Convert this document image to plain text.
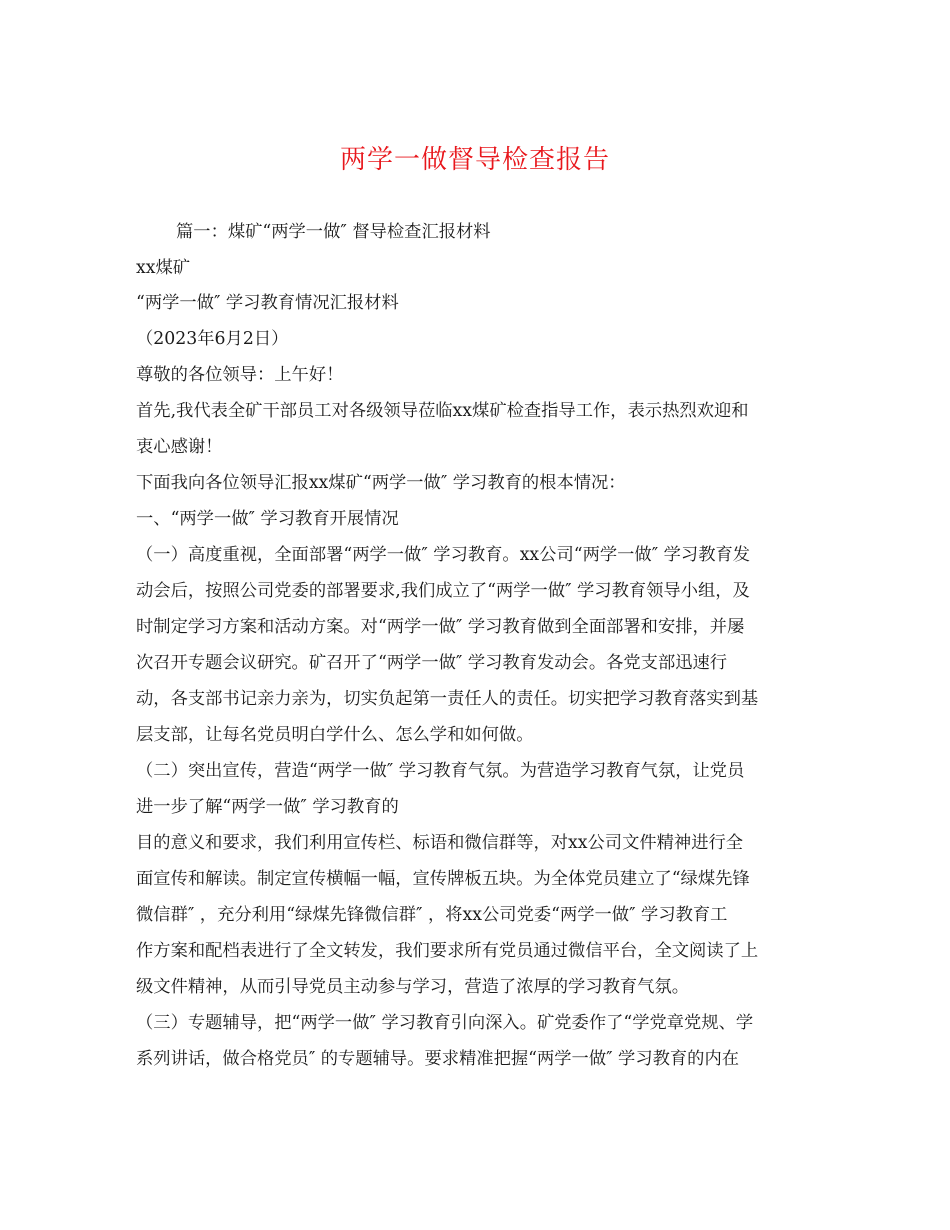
两学一做督导检查报告
篇一：煤矿“两学一做″ 督导检查汇报材料
xx煤矿
“两学一做″ 学习教育情况汇报材料
（2023年6月2日）
尊敬的各位领导：上午好！
首先,我代表全矿干部员工对各级领导莅临xx煤矿检查指导工作，表示热烈欢迎和
衷心感谢！
下面我向各位领导汇报xx煤矿“两学一做″ 学习教育的根本情况：
一、“两学一做″ 学习教育开展情况
（一）高度重视，全面部署“两学一做″ 学习教育。xx公司“两学一做″ 学习教育发
动会后，按照公司党委的部署要求,我们成立了“两学一做″ 学习教育领导小组，及
时制定学习方案和活动方案。对“两学一做″ 学习教育做到全面部署和安排，并屡
次召开专题会议研究。矿召开了“两学一做″ 学习教育发动会。各党支部迅速行
动，各支部书记亲力亲为，切实负起第一责任人的责任。切实把学习教育落实到基
层支部，让每名党员明白学什么、怎么学和如何做。
（二）突出宣传，营造“两学一做″ 学习教育气氛。为营造学习教育气氛，让党员
进一步了解“两学一做″ 学习教育的
目的意义和要求，我们利用宣传栏、标语和微信群等，对xx公司文件精神进行全
面宣传和解读。制定宣传横幅一幅，宣传牌板五块。为全体党员建立了“绿煤先锋
微信群″ ，充分利用“绿煤先锋微信群″ ，将xx公司党委“两学一做″ 学习教育工
作方案和配档表进行了全文转发，我们要求所有党员通过微信平台，全文阅读了上
级文件精神，从而引导党员主动参与学习，营造了浓厚的学习教育气氛。
（三）专题辅导，把“两学一做″ 学习教育引向深入。矿党委作了“学党章党规、学
系列讲话，做合格党员″ 的专题辅导。要求精准把握“两学一做″ 学习教育的内在
